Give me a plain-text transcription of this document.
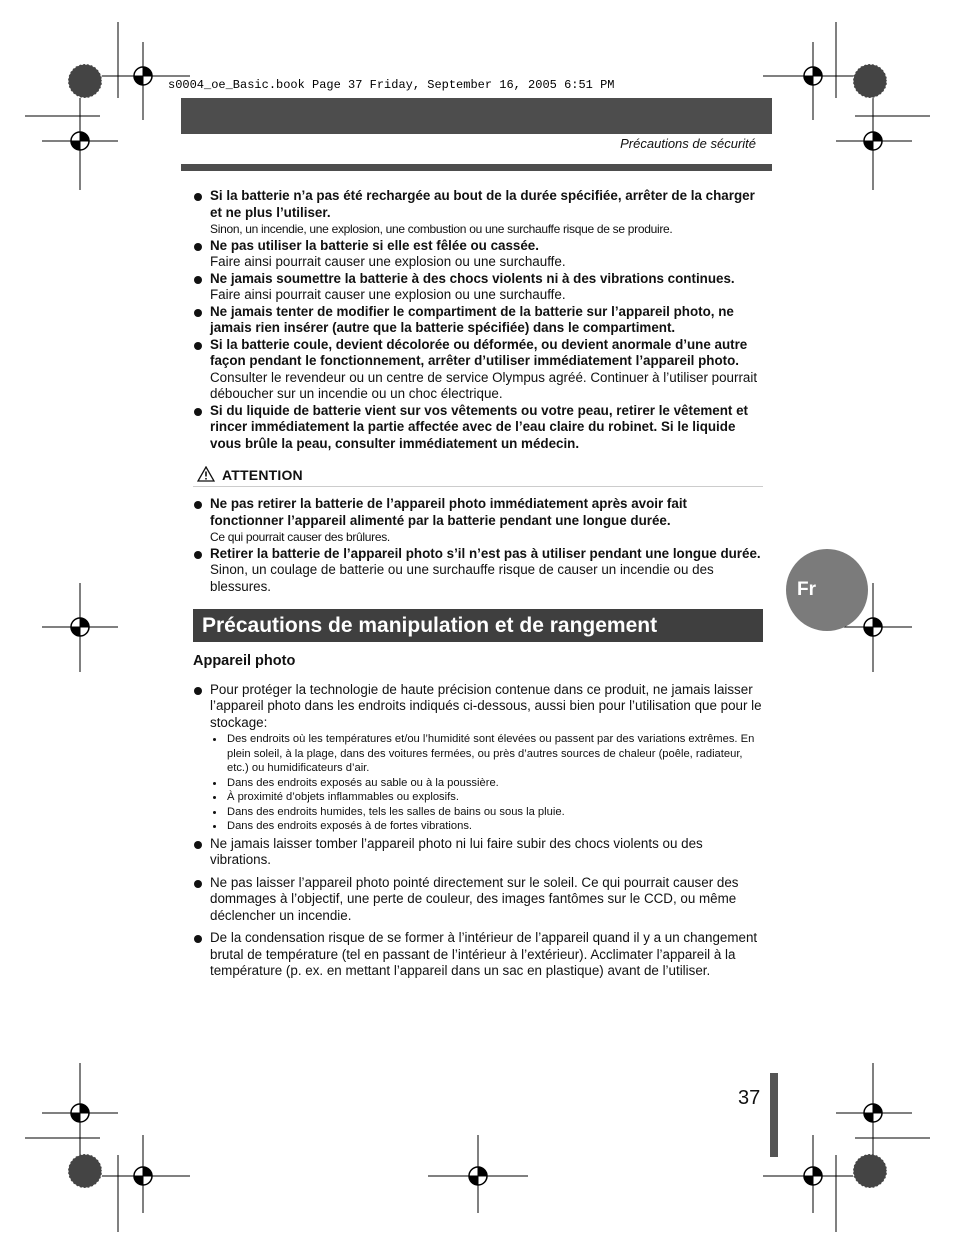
s0004_oe_Basic.book Page 37 Friday, September 16, 2005 6:51 PM
Précautions de sécurité
Si la batterie n’a pas été rechargée au bout de la durée spécifiée, arrêter de la charger et ne plus l’utiliser.
Sinon, un incendie, une explosion, une combustion ou une surchauffe risque de se produire.
Ne pas utiliser la batterie si elle est fêlée ou cassée.
Faire ainsi pourrait causer une explosion ou une surchauffe.
Ne jamais soumettre la batterie à des chocs violents ni à des vibrations continues.
Faire ainsi pourrait causer une explosion ou une surchauffe.
Ne jamais tenter de modifier le compartiment de la batterie sur l’appareil photo, ne jamais rien insérer (autre que la batterie spécifiée) dans le compartiment.
Si la batterie coule, devient décolorée ou déformée, ou devient anormale d’une autre façon pendant le fonctionnement, arrêter d’utiliser immédiatement l’appareil photo.
Consulter le revendeur ou un centre de service Olympus agréé. Continuer à l’utiliser pourrait déboucher sur un incendie ou un choc électrique.
Si du liquide de batterie vient sur vos vêtements ou votre peau, retirer le vêtement et rincer immédiatement la partie affectée avec de l’eau claire du robinet. Si le liquide vous brûle la peau, consulter immédiatement un médecin.
ATTENTION
Ne pas retirer la batterie de l’appareil photo immédiatement après avoir fait fonctionner l’appareil alimenté par la batterie pendant une longue durée.
Ce qui pourrait causer des brûlures.
Retirer la batterie de l’appareil photo s’il n’est pas à utiliser pendant une longue durée.
Sinon, un coulage de batterie ou une surchauffe risque de causer un incendie ou des blessures.
Précautions de manipulation et de rangement
Appareil photo
Pour protéger la technologie de haute précision contenue dans ce produit, ne jamais laisser l’appareil photo dans les endroits indiqués ci-dessous, aussi bien pour l’utilisation que pour le stockage:
Des endroits où les températures et/ou l’humidité sont élevées ou passent par des variations extrêmes. En plein soleil, à la plage, dans des voitures fermées, ou près d’autres sources de chaleur (poêle, radiateur, etc.) ou humidificateurs d’air.
Dans des endroits exposés au sable ou à la poussière.
À proximité d’objets inflammables ou explosifs.
Dans des endroits humides, tels les salles de bains ou sous la pluie.
Dans des endroits exposés à de fortes vibrations.
Ne jamais laisser tomber l’appareil photo ni lui faire subir des chocs violents ou des vibrations.
Ne pas laisser l’appareil photo pointé directement sur le soleil. Ce qui pourrait causer des dommages à l’objectif, une perte de couleur, des images fantômes sur le CCD, ou même déclencher un incendie.
De la condensation risque de se former à l’intérieur de l’appareil quand il y a un changement brutal de température (tel en passant de l’intérieur à l’extérieur). Acclimater l’appareil à la température (p. ex. en mettant l’appareil dans un sac en plastique) avant de l’utiliser.
Fr
37
